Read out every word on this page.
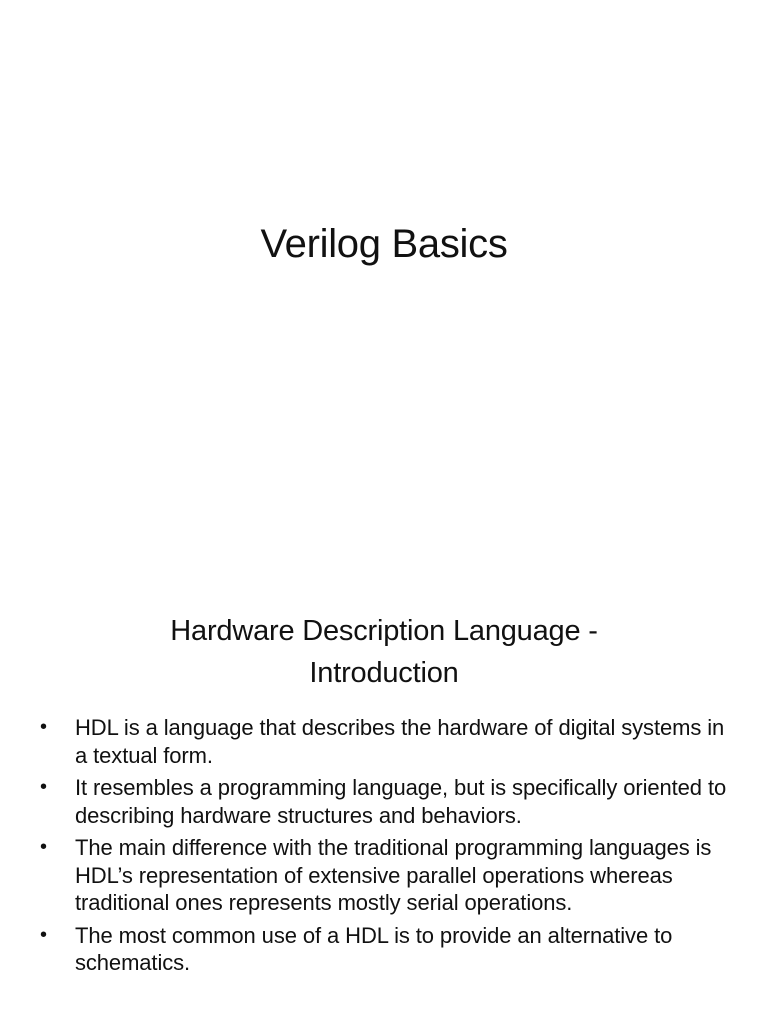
Verilog Basics
Hardware Description Language -
Introduction
• HDL is a language that describes the hardware of digital systems in a textual form.
• It resembles a programming language, but is specifically oriented to describing hardware structures and behaviors.
• The main difference with the traditional programming languages is HDL’s representation of extensive parallel operations whereas traditional ones represents mostly serial operations.
• The most common use of a HDL is to provide an alternative to schematics.
